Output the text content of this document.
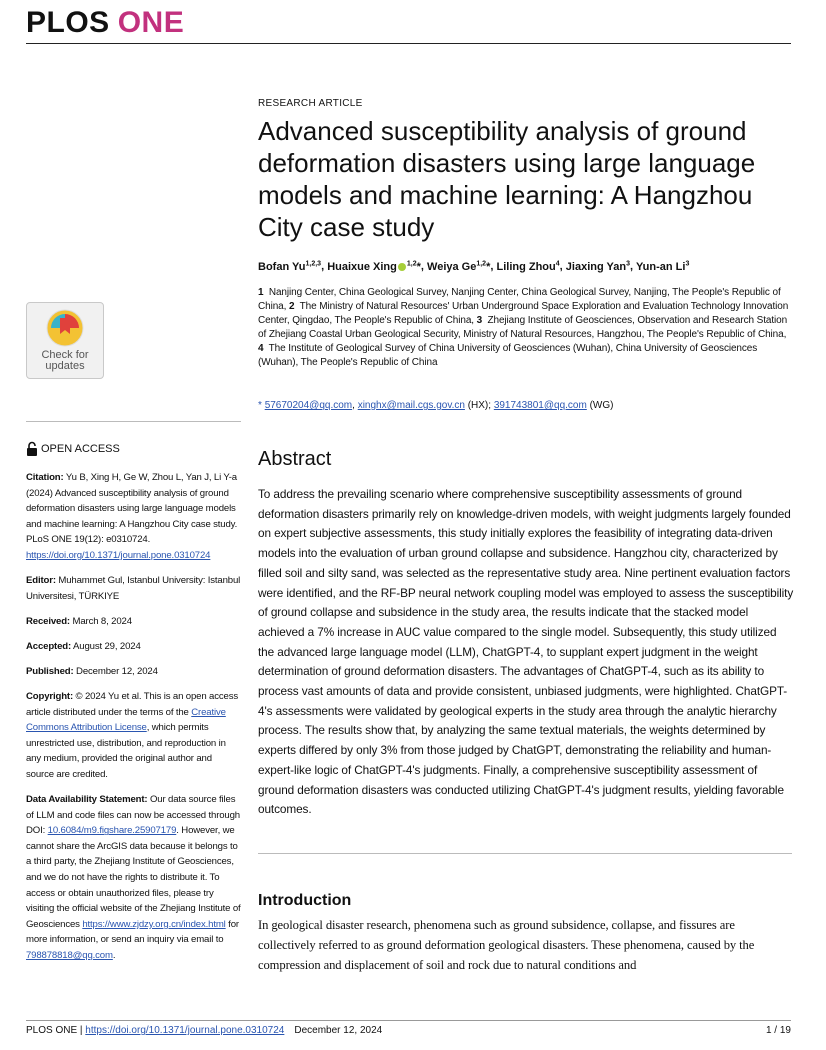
PLOS ONE
Check for updates
OPEN ACCESS

Citation: Yu B, Xing H, Ge W, Zhou L, Yan J, Li Y-a (2024) Advanced susceptibility analysis of ground deformation disasters using large language models and machine learning: A Hangzhou City case study. PLoS ONE 19(12): e0310724. https://doi.org/10.1371/journal.pone.0310724

Editor: Muhammet Gul, Istanbul University: Istanbul Universitesi, TÜRKIYE

Received: March 8, 2024

Accepted: August 29, 2024

Published: December 12, 2024

Copyright: © 2024 Yu et al. This is an open access article distributed under the terms of the Creative Commons Attribution License, which permits unrestricted use, distribution, and reproduction in any medium, provided the original author and source are credited.

Data Availability Statement: Our data source files of LLM and code files can now be accessed through DOI: 10.6084/m9.figshare.25907179. However, we cannot share the ArcGIS data because it belongs to a third party, the Zhejiang Institute of Geosciences, and we do not have the rights to distribute it. To access or obtain unauthorized files, please try visiting the official website of the Zhejiang Institute of Geosciences https://www.zjdzy.org.cn/index.html for more information, or send an inquiry via email to 798878818@qq.com.

RESEARCH ARTICLE
Advanced susceptibility analysis of ground deformation disasters using large language models and machine learning: A Hangzhou City case study
Bofan Yu$^{1,2,3}$, Huaixue Xing $^{1,2}$*, Weiya Ge$^{1,2}$*, Liling Zhou$^4$, Jiaxing Yan$^3$, Yun-an Li$^3$
1 Nanjing Center, China Geological Survey, Nanjing Center, China Geological Survey, Nanjing, The People's Republic of China, 2 The Ministry of Natural Resources' Urban Underground Space Exploration and Evaluation Technology Innovation Center, Qingdao, The People's Republic of China, 3 Zhejiang Institute of Geosciences, Observation and Research Station of Zhejiang Coastal Urban Geological Security, Ministry of Natural Resources, Hangzhou, The People's Republic of China, 4 The Institute of Geological Survey of China University of Geosciences (Wuhan), China University of Geosciences (Wuhan), The People's Republic of China
* 57670204@qq.com, xinghx@mail.cgs.gov.cn (HX); 391743801@qq.com (WG)
Abstract

To address the prevailing scenario where comprehensive susceptibility assessments of ground deformation disasters primarily rely on knowledge-driven models, with weight judgments largely founded on expert subjective assessments, this study initially explores the feasibility of integrating data-driven models into the evaluation of urban ground collapse and subsidence. Hangzhou city, characterized by filled soil and silty sand, was selected as the representative study area. Nine pertinent evaluation factors were identified, and the RF-BP neural network coupling model was employed to assess the susceptibility of ground collapse and subsidence in the study area, the results indicate that the stacked model achieved a 7% increase in AUC value compared to the single model. Subsequently, this study utilized the advanced large language model (LLM), ChatGPT-4, to supplant expert judgment in the weight determination of ground deformation disasters. The advantages of ChatGPT-4, such as its ability to process vast amounts of data and provide consistent, unbiased judgments, were highlighted. ChatGPT-4's assessments were validated by geological experts in the study area through the analytic hierarchy process. The results show that, by analyzing the same textual materials, the weights determined by experts differed by only 3% from those judged by ChatGPT, demonstrating the reliability and human-expert-like logic of ChatGPT-4's judgments. Finally, a comprehensive susceptibility assessment of ground deformation disasters was conducted utilizing ChatGPT-4's judgment results, yielding favorable outcomes.

Introduction

In geological disaster research, phenomena such as ground subsidence, collapse, and fissures are collectively referred to as ground deformation geological disasters. These phenomena, caused by the compression and displacement of soil and rock due to natural conditions and

PLOS ONE | https://doi.org/10.1371/journal.pone.0310724 December 12, 2024	1 / 19
